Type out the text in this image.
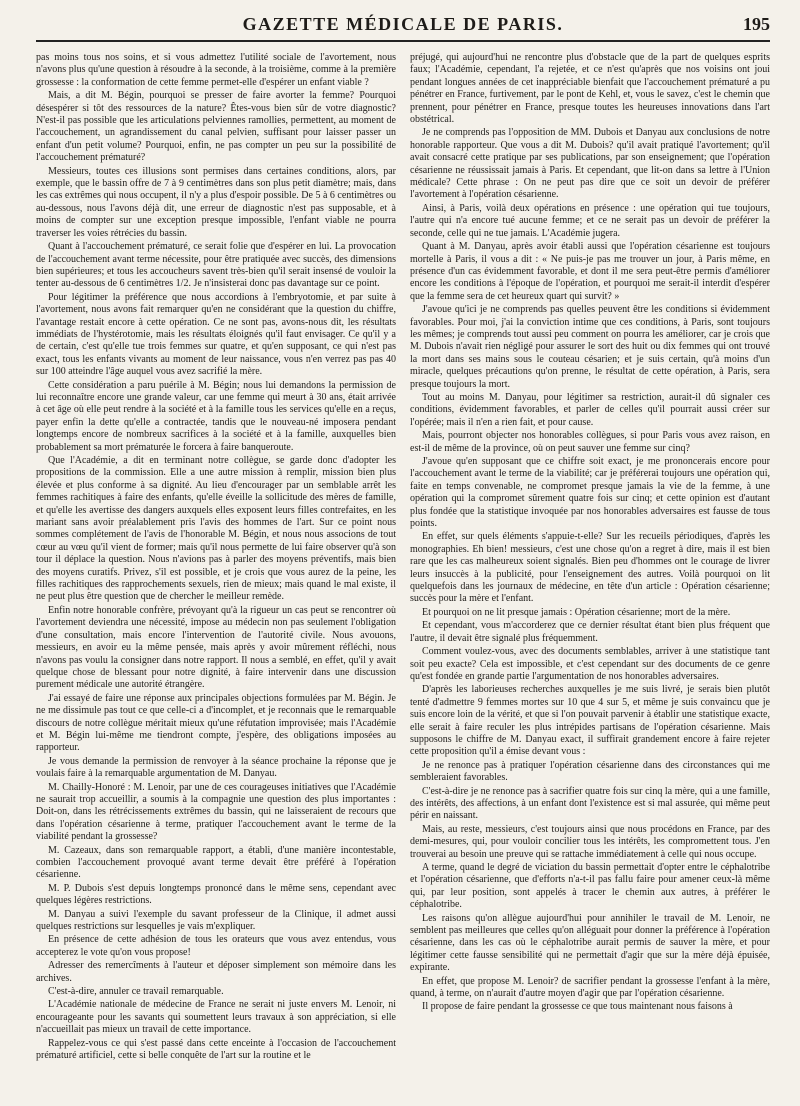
GAZETTE MÉDICALE DE PARIS.	195

pas moins tous nos soins, et si vous admettez l'utilité sociale de l'avortement, nous n'avons plus qu'une question à résoudre à la seconde, à la troisième, comme à la première grossesse : la conformation de cette femme permet-elle d'espérer un enfant viable ?

Mais, a dit M. Bégin, pourquoi se presser de faire avorter la femme? Pourquoi désespérer si tôt des ressources de la nature? Êtes-vous bien sûr de votre diagnostic? N'est-il pas possible que les articulations pelviennes ramollies, permettent, au moment de l'accouchement, un agrandissement du canal pelvien, suffisant pour laisser passer un enfant d'un petit volume? Pourquoi, enfin, ne pas compter un peu sur la possibilité de l'accouchement prématuré?

Messieurs, toutes ces illusions sont permises dans certaines conditions, alors, par exemple, que le bassin offre de 7 à 9 centimètres dans son plus petit diamètre; mais, dans les cas extrêmes qui nous occupent, il n'y a plus d'espoir possible. De 5 à 6 centimètres ou au-dessous, nous l'avons déjà dit, une erreur de diagnostic n'est pas supposable, et à moins de compter sur une exception presque impossible, l'enfant viable ne pourra traverser les voies rétrécies du bassin.

Quant à l'accouchement prématuré, ce serait folie que d'espérer en lui. La provocation de l'accouchement avant terme nécessite, pour être pratiquée avec succès, des dimensions bien supérieures; et tous les accoucheurs savent très-bien qu'il serait insensé de vouloir la tenter au-dessous de 6 centimètres 1/2. Je n'insisterai donc pas davantage sur ce point.

Pour légitimer la préférence que nous accordions à l'embryotomie, et par suite à l'avortement, nous avons fait remarquer qu'en ne considérant que la question du chiffre, l'avantage restait encore à cette opération. Ce ne sont pas, avons-nous dit, les résultats immédiats de l'hystérotomie, mais les résultats éloignés qu'il faut envisager. Ce qu'il y a de certain, c'est qu'elle tue trois femmes sur quatre, et qu'en supposant, ce qui n'est pas exact, tous les enfants vivants au moment de leur naissance, vous n'en verrez pas pas 40 sur 100 atteindre l'âge auquel vous avez sacrifié la mère.

Cette considération a paru puérile à M. Bégin; nous lui demandons la permission de lui reconnaître encore une grande valeur, car une femme qui meurt à 30 ans, était arrivée à cet âge où elle peut rendre à la société et à la famille tous les services qu'elle en a reçus, payer enfin la dette qu'elle a contractée, tandis que le nouveau-né imposera pendant longtemps encore de nombreux sacrifices à la société et à la famille, auxquelles bien probablement sa mort prématurée le forcera à faire banqueroute.

Que l'Académie, a dit en terminant notre collègue, se garde donc d'adopter les propositions de la commission. Elle a une autre mission à remplir, mission bien plus élevée et plus conforme à sa dignité. Au lieu d'encourager par un semblable arrêt les femmes rachitiques à faire des enfants, qu'elle éveille la sollicitude des mères de famille, et qu'elle les avertisse des dangers auxquels elles exposent leurs filles contrefaites, en les mariant sans avoir préalablement pris l'avis des hommes de l'art. Sur ce point nous sommes complétement de l'avis de l'honorable M. Bégin, et nous nous associons de tout cœur au vœu qu'il vient de former; mais qu'il nous permette de lui faire observer qu'à son tour il déplace la question. Nous n'avions pas à parler des moyens préventifs, mais bien des moyens curatifs. Privez, s'il est possible, et je crois que vous aurez de la peine, les filles rachitiques des rapprochements sexuels, rien de mieux; mais quand le mal existe, il ne peut plus être question que de chercher le meilleur remède.

Enfin notre honorable confrère, prévoyant qu'à la rigueur un cas peut se rencontrer où l'avortement deviendra une nécessité, impose au médecin non pas seulement l'obligation d'une consultation, mais encore l'intervention de l'autorité civile. Nous avouons, messieurs, en avoir eu la même pensée, mais après y avoir mûrement réfléchi, nous n'avons pas voulu la consigner dans notre rapport. Il nous a semblé, en effet, qu'il y avait quelque chose de blessant pour notre dignité, à faire intervenir dans une discussion purement médicale une autorité étrangère.

J'ai essayé de faire une réponse aux principales objections formulées par M. Bégin. Je ne me dissimule pas tout ce que celle-ci a d'incomplet, et je reconnais que le remarquable discours de notre collègue méritait mieux qu'une réfutation improvisée; mais l'Académie et M. Bégin lui-même me tiendront compte, j'espère, des obligations imposées au rapporteur.

Je vous demande la permission de renvoyer à la séance prochaine la réponse que je voulais faire à la remarquable argumentation de M. Danyau.

M. Chailly-Honoré : M. Lenoir, par une de ces courageuses initiatives que l'Académie ne saurait trop accueillir, a soumis à la compagnie une question des plus importantes : Doit-on, dans les rétrécissements extrêmes du bassin, qui ne laisseraient de recours que dans l'opération césarienne à terme, pratiquer l'accouchement avant le terme de la viabilité pendant la grossesse?

M. Cazeaux, dans son remarquable rapport, a établi, d'une manière incontestable, combien l'accouchement provoqué avant terme devait être préféré à l'opération césarienne.

M. P. Dubois s'est depuis longtemps prononcé dans le même sens, cependant avec quelques légères restrictions.

M. Danyau a suivi l'exemple du savant professeur de la Clinique, il admet aussi quelques restrictions sur lesquelles je vais m'expliquer.

En présence de cette adhésion de tous les orateurs que vous avez entendus, vous accepterez le vote qu'on vous propose!

Adresser des remercîments à l'auteur et déposer simplement son mémoire dans les archives.

C'est-à-dire, annuler ce travail remarquable.

L'Académie nationale de médecine de France ne serait ni juste envers M. Lenoir, ni encourageante pour les savants qui soumettent leurs travaux à son appréciation, si elle n'accueillait pas mieux un travail de cette importance.

Rappelez-vous ce qui s'est passé dans cette enceinte à l'occasion de l'accouchement prématuré artificiel, cette si belle conquête de l'art sur la routine et le

préjugé, qui aujourd'hui ne rencontre plus d'obstacle que de la part de quelques esprits faux; l'Académie, cependant, l'a rejetée, et ce n'est qu'après que nos voisins ont joui pendant longues années de cet inappréciable bienfait que l'accouchement prématuré a pu pénétrer en France, furtivement, par le pont de Kehl, et, vous le savez, c'est le chemin que prennent, pour pénétrer en France, presque toutes les heureuses innovations dans l'art obstétrical.

Je ne comprends pas l'opposition de MM. Dubois et Danyau aux conclusions de notre honorable rapporteur. Que vous a dit M. Dubois? qu'il avait pratiqué l'avortement; qu'il avait consacré cette pratique par ses publications, par son enseignement; que l'opération césarienne ne réussissait jamais à Paris. Et cependant, que lit-on dans sa lettre à l'Union médicale? Cette phrase : On ne peut pas dire que ce soit un devoir de préférer l'avortement à l'opération césarienne.

Ainsi, à Paris, voilà deux opérations en présence : une opération qui tue toujours, l'autre qui n'a encore tué aucune femme; et ce ne serait pas un devoir de préférer la seconde, celle qui ne tue jamais. L'Académie jugera.

Quant à M. Danyau, après avoir établi aussi que l'opération césarienne est toujours mortelle à Paris, il vous a dit : « Ne puis-je pas me trouver un jour, à Paris même, en présence d'un cas évidemment favorable, et dont il me sera peut-être permis d'améliorer encore les conditions à l'époque de l'opération, et pourquoi me serait-il interdit d'espérer que la femme sera de cet heureux quart qui survit? »

J'avoue qu'ici je ne comprends pas quelles peuvent être les conditions si évidemment favorables. Pour moi, j'ai la conviction intime que ces conditions, à Paris, sont toujours les mêmes; je comprends tout aussi peu comment on pourra les améliorer, car je crois que M. Dubois n'avait rien négligé pour assurer le sort des huit ou dix femmes qui ont trouvé la mort dans ses mains sous le couteau césarien; et je suis certain, qu'à moins d'un miracle, quelques précautions qu'on prenne, le résultat de cette opération, à Paris, sera presque toujours la mort.

Tout au moins M. Danyau, pour légitimer sa restriction, aurait-il dû signaler ces conditions, évidemment favorables, et parler de celles qu'il pourrait aussi créer sur l'opérée; mais il n'en a rien fait, et pour cause.

Mais, pourront objecter nos honorables collègues, si pour Paris vous avez raison, en est-il de même de la province, où on peut sauver une femme sur cinq?

J'avoue qu'en supposant que ce chiffre soit exact, je me prononcerais encore pour l'accouchement avant le terme de la viabilité; car je préférerai toujours une opération qui, faite en temps convenable, ne compromet presque jamais la vie de la femme, à une opération qui la compromet sûrement quatre fois sur cinq; et cette opinion est d'autant plus fondée que la statistique invoquée par nos honorables adversaires est fausse de tous points.

En effet, sur quels éléments s'appuie-t-elle? Sur les recueils périodiques, d'après les monographies. Eh bien! messieurs, c'est une chose qu'on a regret à dire, mais il est bien rare que les cas malheureux soient signalés. Bien peu d'hommes ont le courage de livrer leurs insuccès à la publicité, pour l'enseignement des autres. Voilà pourquoi on lit quelquefois dans les journaux de médecine, en tête d'un article : Opération césarienne; succès pour la mère et l'enfant.

Et pourquoi on ne lit presque jamais : Opération césarienne; mort de la mère.

Et cependant, vous m'accorderez que ce dernier résultat étant bien plus fréquent que l'autre, il devait être signalé plus fréquemment.

Comment voulez-vous, avec des documents semblables, arriver à une statistique tant soit peu exacte? Cela est impossible, et c'est cependant sur des documents de ce genre qu'est fondée en grande partie l'argumentation de nos honorables adversaires.

D'après les laborieuses recherches auxquelles je me suis livré, je serais bien plutôt tenté d'admettre 9 femmes mortes sur 10 que 4 sur 5, et même je suis convaincu que je suis encore loin de la vérité, et que si l'on pouvait parvenir à établir une statistique exacte, elle serait à faire reculer les plus intrépides partisans de l'opération césarienne. Mais supposons le chiffre de M. Danyau exact, il suffirait grandement encore à faire rejeter cette proposition qu'il a émise devant vous :

Je ne renonce pas à pratiquer l'opération césarienne dans des circonstances qui me sembleraient favorables.

C'est-à-dire je ne renonce pas à sacrifier quatre fois sur cinq la mère, qui a une famille, des intérêts, des affections, à un enfant dont l'existence est si mal assurée, qui même peut périr en naissant.

Mais, au reste, messieurs, c'est toujours ainsi que nous procédons en France, par des demi-mesures, qui, pour vouloir concilier tous les intérêts, les compromettent tous. J'en trouverai au besoin une preuve qui se rattache immédiatement à celle qui nous occupe.

A terme, quand le degré de viciation du bassin permettait d'opter entre le céphalotribe et l'opération césarienne, que d'efforts n'a-t-il pas fallu faire pour amener ceux-là même qui, par leur position, sont appelés à tracer le chemin aux autres, à préférer le céphalotribe.

Les raisons qu'on allègue aujourd'hui pour annihiler le travail de M. Lenoir, ne semblent pas meilleures que celles qu'on alléguait pour donner la préférence à l'opération césarienne, dans les cas où le céphalotribe aurait permis de sauver la mère, et pour légitimer cette fausse sensibilité qui ne permettait d'agir que sur la mère déjà épuisée, expirante.

En effet, que propose M. Lenoir? de sacrifier pendant la grossesse l'enfant à la mère, quand, à terme, on n'aurait d'autre moyen d'agir que par l'opération césarienne.

Il propose de faire pendant la grossesse ce que tous maintenant nous faisons à
